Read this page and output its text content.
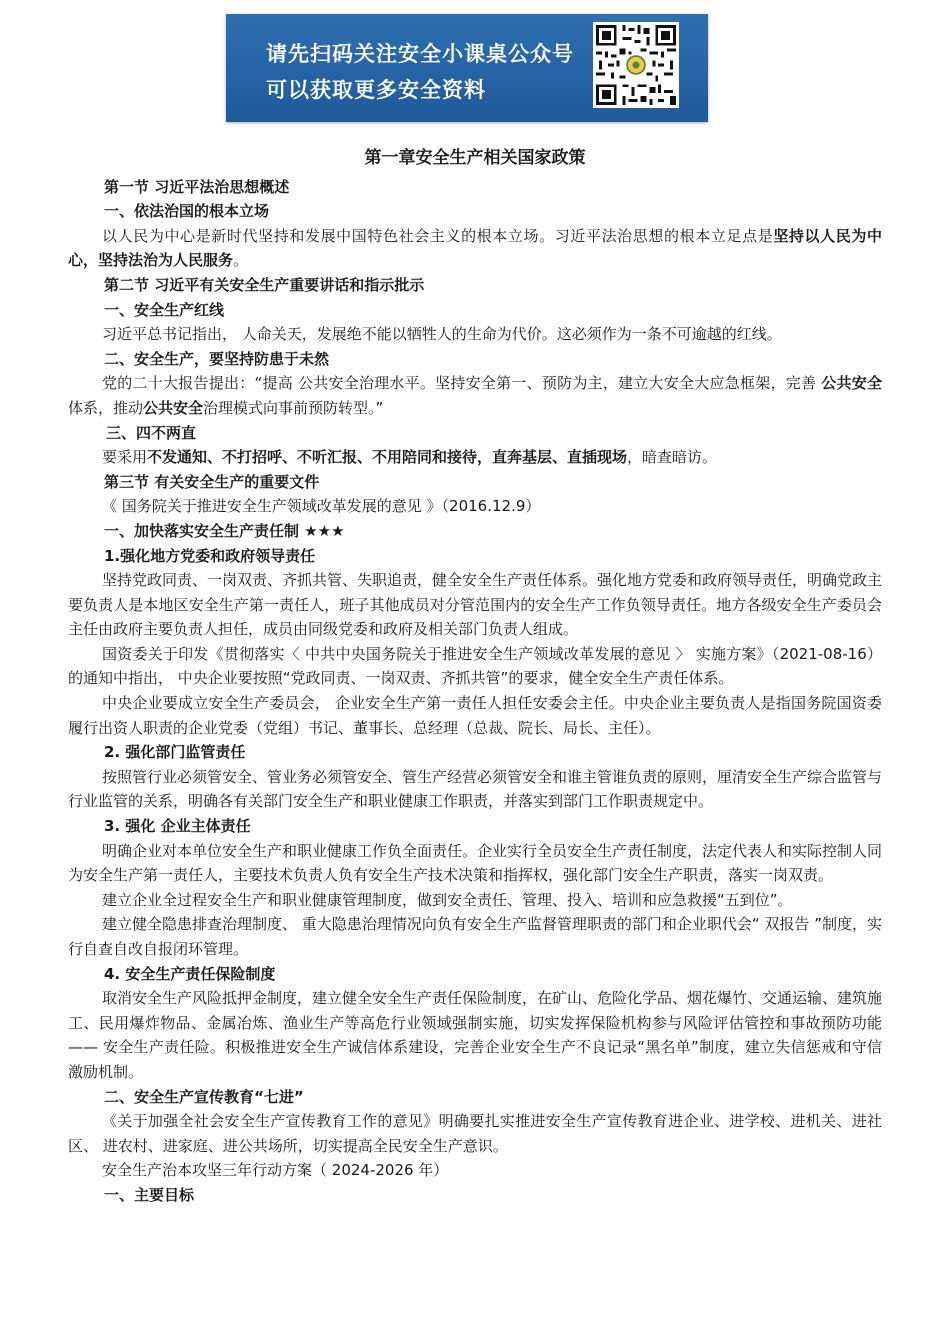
请先扫码关注安全小课桌公众号
可以获取更多安全资料

第一章安全生产相关国家政策

第一节 习近平法治思想概述

一、依法治国的根本立场

以人民为中心是新时代坚持和发展中国特色社会主义的根本立场。习近平法治思想的根本立足点是坚持以人民为中心，坚持法治为人民服务。

第二节 习近平有关安全生产重要讲话和指示批示

一、安全生产红线

习近平总书记指出， 人命关天，发展绝不能以牺牲人的生命为代价。这必须作为一条不可逾越的红线。

二、安全生产，要坚持防患于未然

党的二十大报告提出：“提高 公共安全治理水平。坚持安全第一、预防为主，建立大安全大应急框架，完善 公共安全体系，推动公共安全治理模式向事前预防转型。”

三、四不两直

要采用不发通知、不打招呼、不听汇报、不用陪同和接待，直奔基层、直插现场，暗查暗访。

第三节 有关安全生产的重要文件

《 国务院关于推进安全生产领域改革发展的意见 》（2016.12.9）

一、加快落实安全生产责任制 ★★★

1.强化地方党委和政府领导责任

坚持党政同责、一岗双责、齐抓共管、失职追责，健全安全生产责任体系。强化地方党委和政府领导责任，明确党政主要负责人是本地区安全生产第一责任人，班子其他成员对分管范围内的安全生产工作负领导责任。地方各级安全生产委员会主任由政府主要负责人担任，成员由同级党委和政府及相关部门负责人组成。

国资委关于印发《贯彻落实〈 中共中央国务院关于推进安全生产领域改革发展的意见 〉 实施方案》（2021-08-16）的通知中指出， 中央企业要按照“党政同责、一岗双责、齐抓共管”的要求，健全安全生产责任体系。

中央企业要成立安全生产委员会， 企业安全生产第一责任人担任安委会主任。中央企业主要负责人是指国务院国资委履行出资人职责的企业党委（党组）书记、董事长、总经理（总裁、院长、局长、主任）。

2. 强化部门监管责任

按照管行业必须管安全、管业务必须管安全、管生产经营必须管安全和谁主管谁负责的原则，厘清安全生产综合监管与行业监管的关系，明确各有关部门安全生产和职业健康工作职责，并落实到部门工作职责规定中。

3. 强化 企业主体责任

明确企业对本单位安全生产和职业健康工作负全面责任。企业实行全员安全生产责任制度，法定代表人和实际控制人同为安全生产第一责任人，主要技术负责人负有安全生产技术决策和指挥权，强化部门安全生产职责，落实一岗双责。

建立企业全过程安全生产和职业健康管理制度，做到安全责任、管理、投入、培训和应急救援“五到位”。

建立健全隐患排查治理制度、 重大隐患治理情况向负有安全生产监督管理职责的部门和企业职代会“ 双报告 ”制度，实行自查自改自报闭环管理。

4. 安全生产责任保险制度

取消安全生产风险抵押金制度，建立健全安全生产责任保险制度，在矿山、危险化学品、烟花爆竹、交通运输、建筑施工、民用爆炸物品、金属冶炼、渔业生产等高危行业领域强制实施，切实发挥保险机构参与风险评估管控和事故预防功能 —— 安全生产责任险。积极推进安全生产诚信体系建设，完善企业安全生产不良记录“黑名单”制度，建立失信惩戒和守信激励机制。

二、安全生产宣传教育“七进”

《关于加强全社会安全生产宣传教育工作的意见》明确要扎实推进安全生产宣传教育进企业、进学校、进机关、进社区、 进农村、进家庭、进公共场所，切实提高全民安全生产意识。

安全生产治本攻坚三年行动方案（ 2024-2026 年）

一、主要目标
